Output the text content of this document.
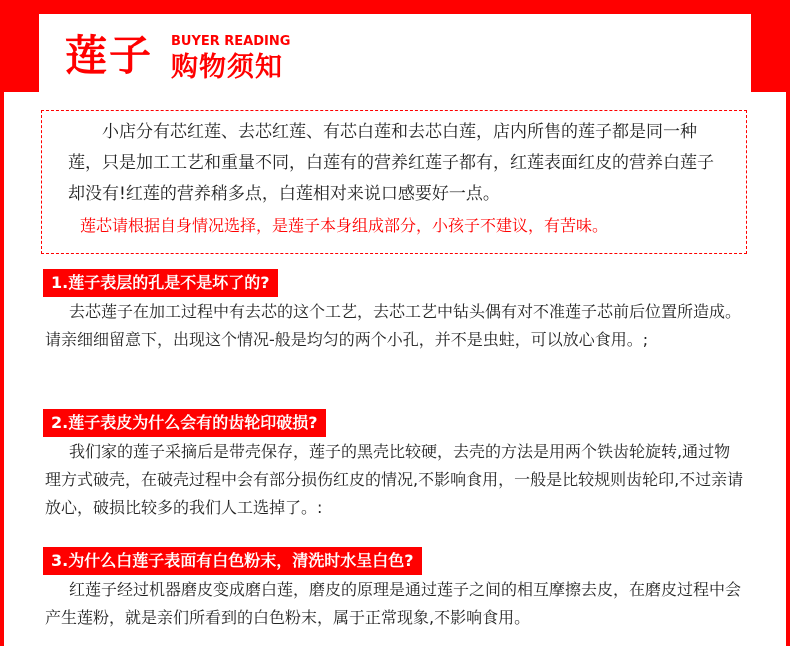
莲子 BUYER READING
购物须知
小店分有芯红莲、去芯红莲、有芯白莲和去芯白莲，店内所售的莲子都是同一种莲，只是加工工艺和重量不同，白莲有的营养红莲子都有，红莲表面红皮的营养白莲子却没有!红莲的营养稍多点，白莲相对来说口感要好一点。
莲芯请根据自身情况选择，是莲子本身组成部分，小孩子不建议，有苦味。
1.莲子表层的孔是不是坏了的?
去芯莲子在加工过程中有去芯的这个工艺，去芯工艺中钻头偶有对不准莲子芯前后位置所造成。请亲细细留意下，出现这个情况-般是均匀的两个小孔，并不是虫蛀，可以放心食用。;
2.莲子表皮为什么会有的齿轮印破损?
我们家的莲子采摘后是带壳保存，莲子的黑壳比较硬，去壳的方法是用两个铁齿轮旋转,通过物理方式破壳，在破壳过程中会有部分损伤红皮的情况,不影响食用，一般是比较规则齿轮印,不过亲请放心，破损比较多的我们人工选掉了。:
3.为什么白莲子表面有白色粉末，清洗时水呈白色?
红莲子经过机器磨皮变成磨白莲，磨皮的原理是通过莲子之间的相互摩擦去皮，在磨皮过程中会产生莲粉，就是亲们所看到的白色粉末，属于正常现象,不影响食用。
